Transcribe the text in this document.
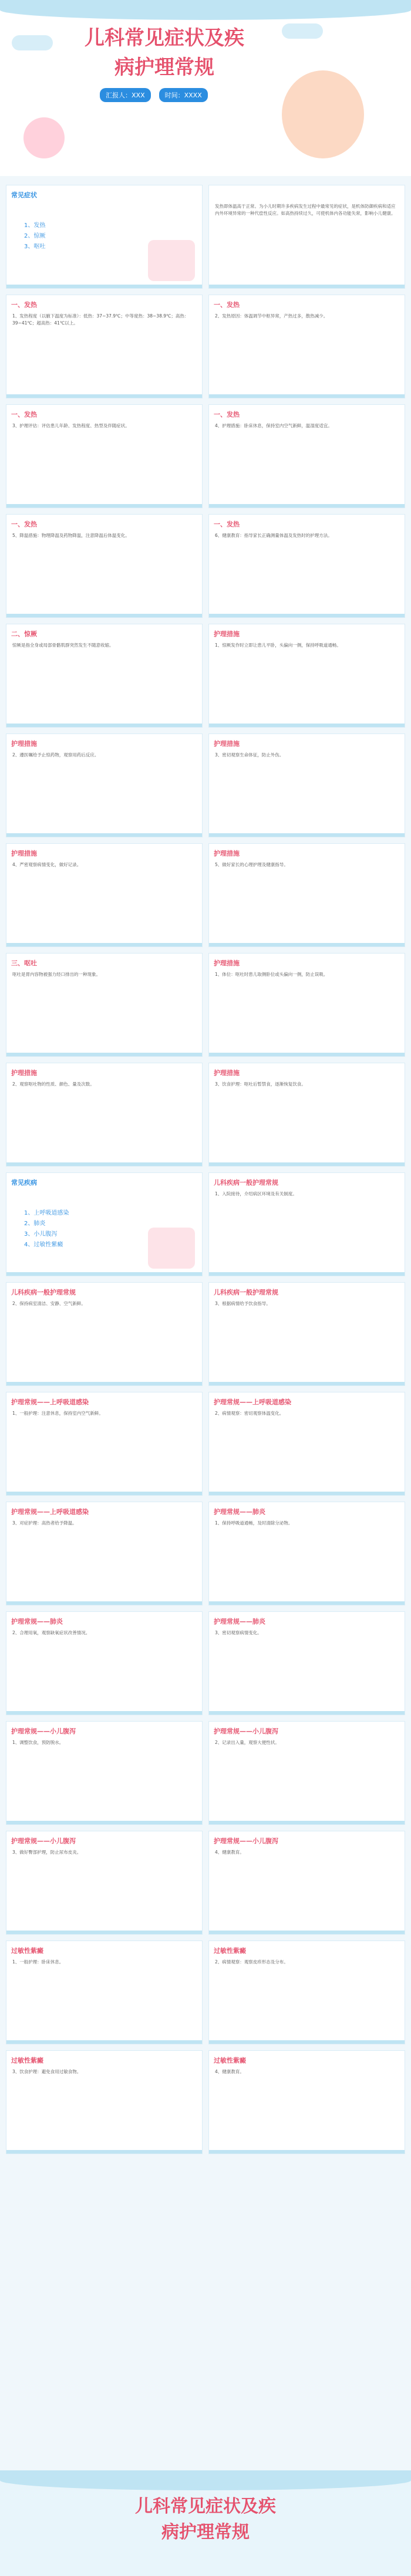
儿科常见症状及疾
病护理常规
汇报人：XXX	时间：XXXX
常见症状
1、发热
2、惊厥
3、呕吐
发热即体温高于正常。为小儿时期许多疾病发生过程中最常见的症状，是机体防御疾病和适应内外环境异常的一种代偿性反应。如高热持续过久，可使机体内各功能失常，影响小儿健康。
一、发热
1、发热程度（以腋下温度为标准）：低热：37~37.9℃；中等度热：38~38.9℃；高热：39~41℃；超高热：41℃以上。
一、发热
2、发热原因：体温调节中枢异常，产热过多，散热减少。
一、发热
3、护理评估：评估患儿年龄、发热程度、热型及伴随症状。
一、发热
4、护理措施：卧床休息，保持室内空气新鲜，温湿度适宜。
一、发热
5、降温措施：物理降温及药物降温，注意降温后体温变化。
一、发热
6、健康教育：指导家长正确测量体温及发热时的护理方法。
二、惊厥
惊厥是指全身或局部骨骼肌群突然发生不随意收缩。
护理措施
1、惊厥发作时立即让患儿平卧，头偏向一侧，保持呼吸道通畅。
护理措施
2、遵医嘱给予止惊药物，观察用药后反应。
护理措施
3、密切观察生命体征，防止外伤。
护理措施
4、严密观察病情变化，做好记录。
护理措施
5、做好家长的心理护理及健康指导。
三、呕吐
呕吐是胃内容物被强力经口排出的一种现象。
护理措施
1、体位：呕吐时患儿取侧卧位或头偏向一侧，防止误吸。
护理措施
2、观察呕吐物的性质、颜色、量及次数。
护理措施
3、饮食护理：呕吐后暂禁食，逐渐恢复饮食。
常见疾病
1、上呼吸道感染
2、肺炎
3、小儿腹泻
4、过敏性紫癜
儿科疾病一般护理常规
1、入院接待，介绍病区环境及有关制度。
儿科疾病一般护理常规
2、保持病室清洁、安静、空气新鲜。
儿科疾病一般护理常规
3、根据病情给予饮食指导。
护理常规——上呼吸道感染
1、一般护理：注意休息，保持室内空气新鲜。
护理常规——上呼吸道感染
2、病情观察：密切观察体温变化。
护理常规——上呼吸道感染
3、对症护理：高热者给予降温。
护理常规——肺炎
1、保持呼吸道通畅，及时清除分泌物。
护理常规——肺炎
2、合理用氧，观察缺氧症状改善情况。
护理常规——肺炎
3、密切观察病情变化。
护理常规——小儿腹泻
1、调整饮食，预防脱水。
护理常规——小儿腹泻
2、记录出入量，观察大便性状。
护理常规——小儿腹泻
3、做好臀部护理，防止尿布皮炎。
护理常规——小儿腹泻
4、健康教育。
过敏性紫癜
1、一般护理：卧床休息。
过敏性紫癜
2、病情观察：观察皮疹形态及分布。
过敏性紫癜
3、饮食护理：避免食用过敏食物。
过敏性紫癜
4、健康教育。
儿科常见症状及疾
病护理常规
